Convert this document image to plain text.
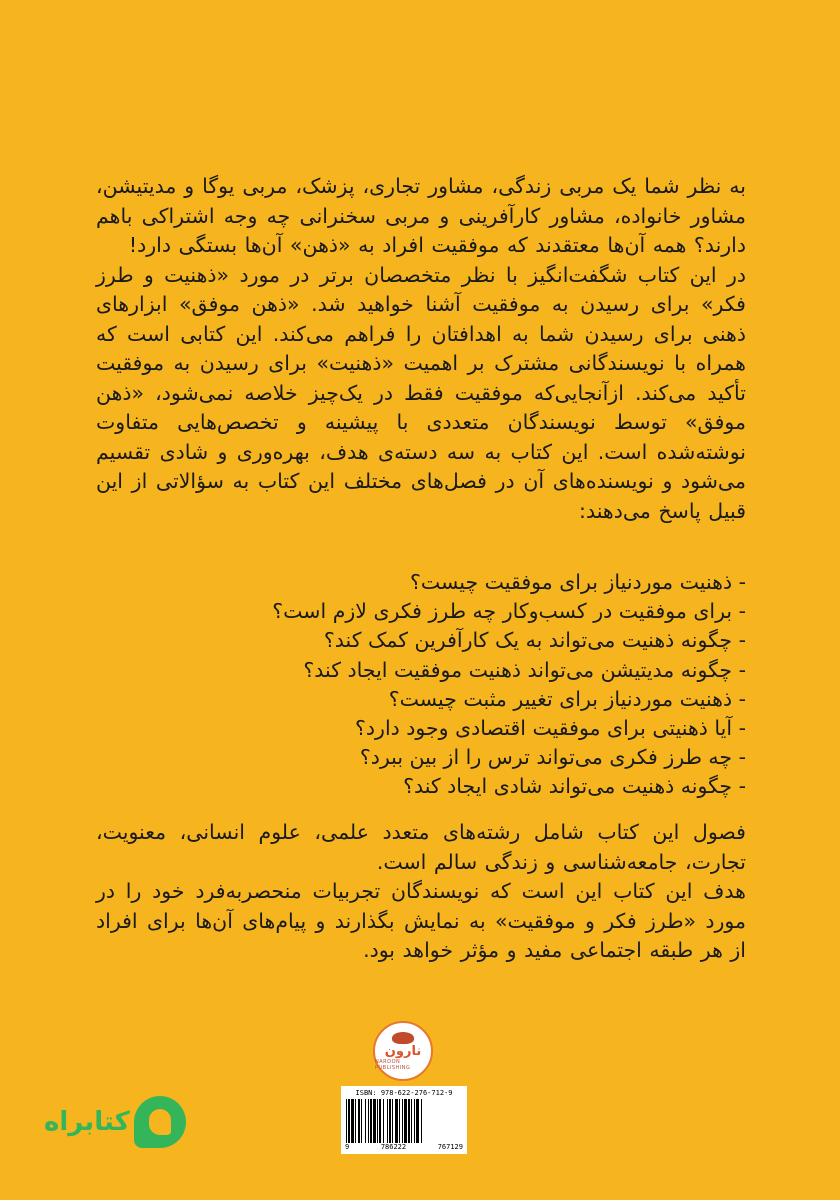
به نظر شما یک مربی زندگی، مشاور تجاری، پزشک، مربی یوگا و مدیتیشن، مشاور خانواده، مشاور کارآفرینی و مربی سخنرانی چه وجه اشتراکی باهم دارند؟ همه آن‌ها معتقدند که موفقیت افراد به «ذهن» آن‌ها بستگی دارد!
در این کتاب شگفت‌انگیز با نظر متخصصان برتر در مورد «ذهنیت و طرز فکر» برای رسیدن به موفقیت آشنا خواهید شد. «ذهن موفق» ابزارهای ذهنی برای رسیدن شما به اهدافتان را فراهم می‌کند. این کتابی است که همراه با نویسندگانی مشترک بر اهمیت «ذهنیت» برای رسیدن به موفقیت تأکید می‌کند. ازآنجایی‌که موفقیت فقط در یک‌چیز خلاصه نمی‌شود، «ذهن موفق» توسط نویسندگان متعددی با پیشینه و تخصص‌هایی متفاوت نوشته‌شده است. این کتاب به سه دسته‌ی هدف، بهره‌وری و شادی تقسیم می‌شود و نویسنده‌های آن در فصل‌های مختلف این کتاب به سؤالاتی از این قبیل پاسخ می‌دهند:
- ذهنیت موردنیاز برای موفقیت چیست؟
- برای موفقیت در کسب‌وکار چه طرز فکری لازم است؟
- چگونه ذهنیت می‌تواند به یک کارآفرین کمک کند؟
- چگونه مدیتیشن می‌تواند ذهنیت موفقیت ایجاد کند؟
- ذهنیت موردنیاز برای تغییر مثبت چیست؟
- آیا ذهنیتی برای موفقیت اقتصادی وجود دارد؟
- چه طرز فکری می‌تواند ترس را از بین ببرد؟
- چگونه ذهنیت می‌تواند شادی ایجاد کند؟
فصول این کتاب شامل رشته‌های متعدد علمی، علوم انسانی، معنویت، تجارت، جامعه‌شناسی و زندگی سالم است.
هدف این کتاب این است که نویسندگان تجربیات منحصربه‌فرد خود را در مورد «طرز فکر و موفقیت» به نمایش بگذارند و پیام‌های آن‌ها برای افراد از هر طبقه اجتماعی مفید و مؤثر خواهد بود.
نارون
NAROON PUBLISHING
ISBN: 978-622-276-712-9
9	786222	767129
کتابراه
